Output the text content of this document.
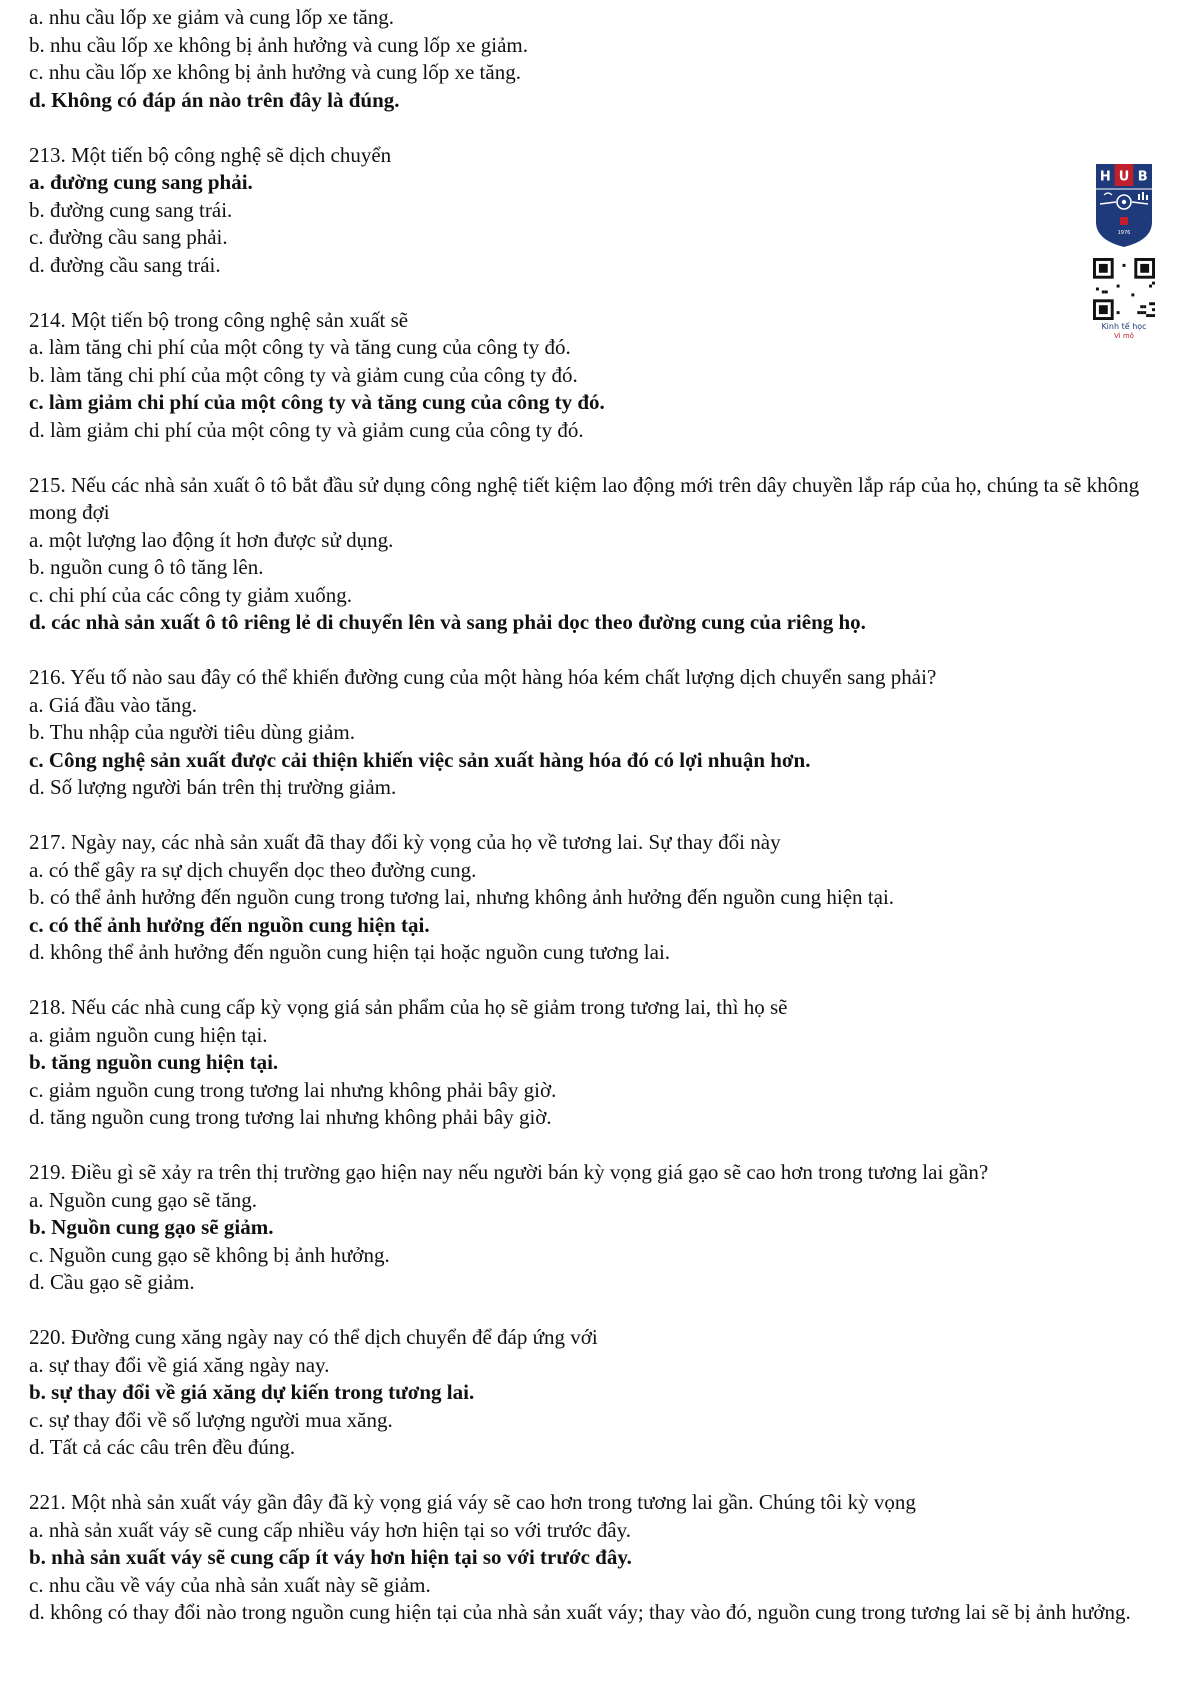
a. nhu cầu lốp xe giảm và cung lốp xe tăng.
b. nhu cầu lốp xe không bị ảnh hưởng và cung lốp xe giảm.
c. nhu cầu lốp xe không bị ảnh hưởng và cung lốp xe tăng.
d. Không có đáp án nào trên đây là đúng.
213. Một tiến bộ công nghệ sẽ dịch chuyển
a. đường cung sang phải.
b. đường cung sang trái.
c. đường cầu sang phải.
d. đường cầu sang trái.
214. Một tiến bộ trong công nghệ sản xuất sẽ
a. làm tăng chi phí của một công ty và tăng cung của công ty đó.
b. làm tăng chi phí của một công ty và giảm cung của công ty đó.
c. làm giảm chi phí của một công ty và tăng cung của công ty đó.
d. làm giảm chi phí của một công ty và giảm cung của công ty đó.
215. Nếu các nhà sản xuất ô tô bắt đầu sử dụng công nghệ tiết kiệm lao động mới trên dây chuyền lắp ráp của họ, chúng ta sẽ không mong đợi
a. một lượng lao động ít hơn được sử dụng.
b. nguồn cung ô tô tăng lên.
c. chi phí của các công ty giảm xuống.
d. các nhà sản xuất ô tô riêng lẻ di chuyển lên và sang phải dọc theo đường cung của riêng họ.
216. Yếu tố nào sau đây có thể khiến đường cung của một hàng hóa kém chất lượng dịch chuyển sang phải?
a. Giá đầu vào tăng.
b. Thu nhập của người tiêu dùng giảm.
c. Công nghệ sản xuất được cải thiện khiến việc sản xuất hàng hóa đó có lợi nhuận hơn.
d. Số lượng người bán trên thị trường giảm.
217. Ngày nay, các nhà sản xuất đã thay đổi kỳ vọng của họ về tương lai. Sự thay đổi này
a. có thể gây ra sự dịch chuyển dọc theo đường cung.
b. có thể ảnh hưởng đến nguồn cung trong tương lai, nhưng không ảnh hưởng đến nguồn cung hiện tại.
c. có thể ảnh hưởng đến nguồn cung hiện tại.
d. không thể ảnh hưởng đến nguồn cung hiện tại hoặc nguồn cung tương lai.
218. Nếu các nhà cung cấp kỳ vọng giá sản phẩm của họ sẽ giảm trong tương lai, thì họ sẽ
a. giảm nguồn cung hiện tại.
b. tăng nguồn cung hiện tại.
c. giảm nguồn cung trong tương lai nhưng không phải bây giờ.
d. tăng nguồn cung trong tương lai nhưng không phải bây giờ.
219. Điều gì sẽ xảy ra trên thị trường gạo hiện nay nếu người bán kỳ vọng giá gạo sẽ cao hơn trong tương lai gần?
a. Nguồn cung gạo sẽ tăng.
b. Nguồn cung gạo sẽ giảm.
c. Nguồn cung gạo sẽ không bị ảnh hưởng.
d. Cầu gạo sẽ giảm.
220. Đường cung xăng ngày nay có thể dịch chuyển để đáp ứng với
a. sự thay đổi về giá xăng ngày nay.
b. sự thay đổi về giá xăng dự kiến trong tương lai.
c. sự thay đổi về số lượng người mua xăng.
d. Tất cả các câu trên đều đúng.
221. Một nhà sản xuất váy gần đây đã kỳ vọng giá váy sẽ cao hơn trong tương lai gần. Chúng tôi kỳ vọng
a. nhà sản xuất váy sẽ cung cấp nhiều váy hơn hiện tại so với trước đây.
b. nhà sản xuất váy sẽ cung cấp ít váy hơn hiện tại so với trước đây.
c. nhu cầu về váy của nhà sản xuất này sẽ giảm.
d. không có thay đổi nào trong nguồn cung hiện tại của nhà sản xuất váy; thay vào đó, nguồn cung trong tương lai sẽ bị ảnh hưởng.
H U B
1976
Kinh tế học
Vi mô
